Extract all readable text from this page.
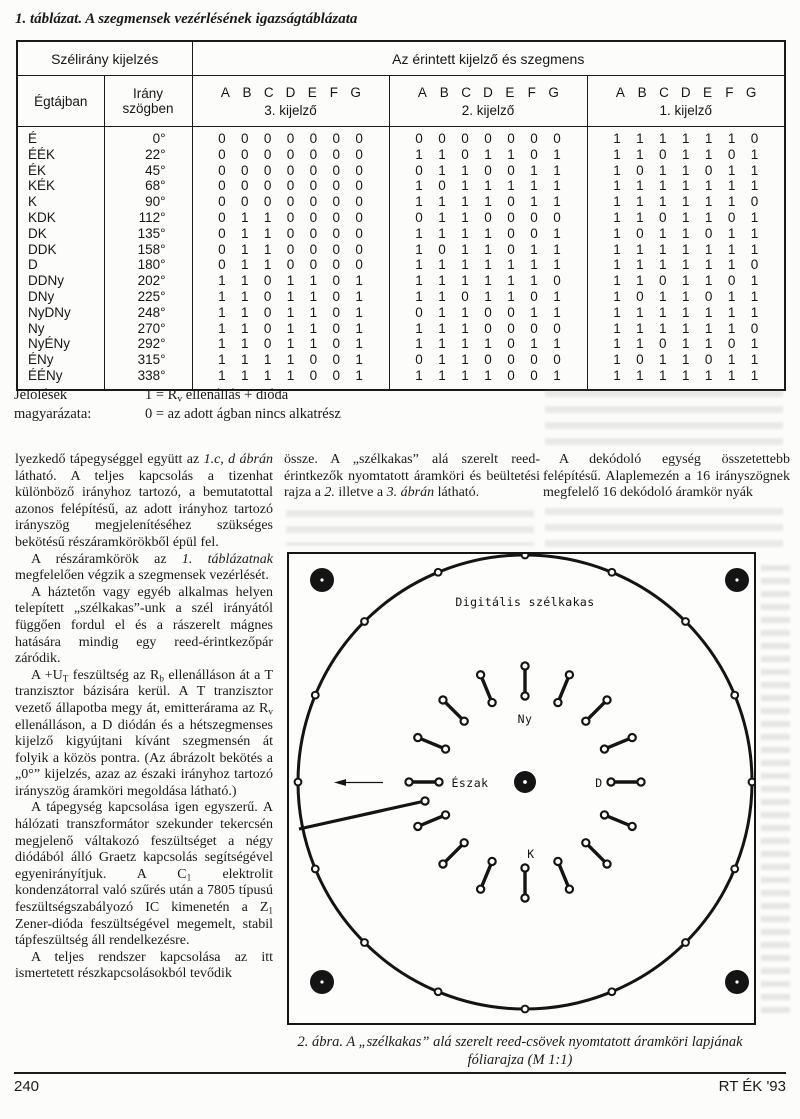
1. táblázat. A szegmensek vezérlésének igazságtáblázata
Szélirány kijelzés		Az érintett kijelző és szegmens		
Égtájban	Irány szögben	
A B C D E F G
3. kijelző

A B C D E F G
2. kijelző

A B C D E F G
1. kijelző

É	0°	0	0	0	0	0	0	0	0	0	0	0	0	0	0	1	1	1	1	1	1	0

ÉÉK	22°	0	0	0	0	0	0	0	1	1	0	1	1	0	1	1	1	0	1	1	0	1

ÉK	45°	0	0	0	0	0	0	0	0	1	1	0	0	1	1	1	0	1	1	0	1	1

KÉK	68°	0	0	0	0	0	0	0	1	0	1	1	1	1	1	1	1	1	1	1	1	1

K	90°	0	0	0	0	0	0	0	1	1	1	1	0	1	1	1	1	1	1	1	1	0

KDK	112°	0	1	1	0	0	0	0	0	1	1	0	0	0	0	1	1	0	1	1	0	1

DK	135°	0	1	1	0	0	0	0	1	1	1	1	0	0	1	1	0	1	1	0	1	1

DDK	158°	0	1	1	0	0	0	0	1	0	1	1	0	1	1	1	1	1	1	1	1	1

D	180°	0	1	1	0	0	0	0	1	1	1	1	1	1	1	1	1	1	1	1	1	0

DDNy	202°	1	1	0	1	1	0	1	1	1	1	1	1	1	0	1	1	0	1	1	0	1

DNy	225°	1	1	0	1	1	0	1	1	1	0	1	1	0	1	1	0	1	1	0	1	1

NyDNy	248°	1	1	0	1	1	0	1	0	1	1	0	0	1	1	1	1	1	1	1	1	1

Ny	270°	1	1	0	1	1	0	1	1	1	1	0	0	0	0	1	1	1	1	1	1	0

NyÉNy	292°	1	1	0	1	1	0	1	1	1	1	1	0	1	1	1	1	0	1	1	0	1

ÉNy	315°	1	1	1	1	0	0	1	0	1	1	0	0	0	0	1	0	1	1	0	1	1

ÉÉNy	338°	1	1	1	1	0	0	1	1	1	1	1	0	0	1	1	1	1	1	1	1	1
Jelölések magyarázata:
$1 = R_v$ ellenállás + dióda
0 = az adott ágban nincs alkatrész

lyezkedő tápegységgel együtt az 1.c, d ábrán látható. A teljes kapcsolás a tizenhat különböző irányhoz tartozó, a bemutatottal azonos felépítésű, az adott irányhoz tartozó irányszög megjelenítéséhez szükséges bekötésű részáramkörökből épül fel.

A részáramkörök az 1. táblázatnak megfelelően végzik a szegmensek vezérlését.

A háztetőn vagy egyéb alkalmas helyen telepített „szélkakas”-unk a szél irányától függően fordul el és a rászerelt mágnes hatására mindig egy reed-érintkezőpár záródik.

$A +U_T$ feszültség az $R_b$ ellenálláson át a T tranzisztor bázisára kerül. A T tranzisztor vezető állapotba megy át, emitterárama az $R_v$ ellenálláson, a D diódán és a hétszegmenses kijelző kigyújtani kívánt szegmensén át folyik a közös pontra. (Az ábrázolt bekötés a „0°” kijelzés, azaz az északi irányhoz tartozó irányszög áramköri megoldása látható.)

A tápegység kapcsolása igen egyszerű. A hálózati transzformátor szekunder tekercsén megjelenő váltakozó feszültséget a négy diódából álló Graetz kapcsolás segítségével egyenirányítjuk. A $C_1$ elektrolit kondenzátorral való szűrés után a 7805 típusú feszültségszabályozó IC kimenetén a $Z_1$ Zener-dióda feszültségével megemelt, stabil tápfeszültség áll rendelkezésre.

A teljes rendszer kapcsolása az itt ismertetett részkapcsolásokból tevődik

össze. A „szélkakas” alá szerelt reed-érintkezők nyomtatott áramköri és beültetési rajza a 2. illetve a 3. ábrán látható.

A dekódoló egység összetettebb felépítésű. Alaplemezén a 16 irányszögnek megfelelő 16 dekódoló áramkör nyák

Digitális szélkakas
Ny
Észak	D
K
2. ábra. A „szélkakas” alá szerelt reed-csövek nyomtatott áramköri lapjának fóliarajza (M 1:1)
240	RT ÉK '93
